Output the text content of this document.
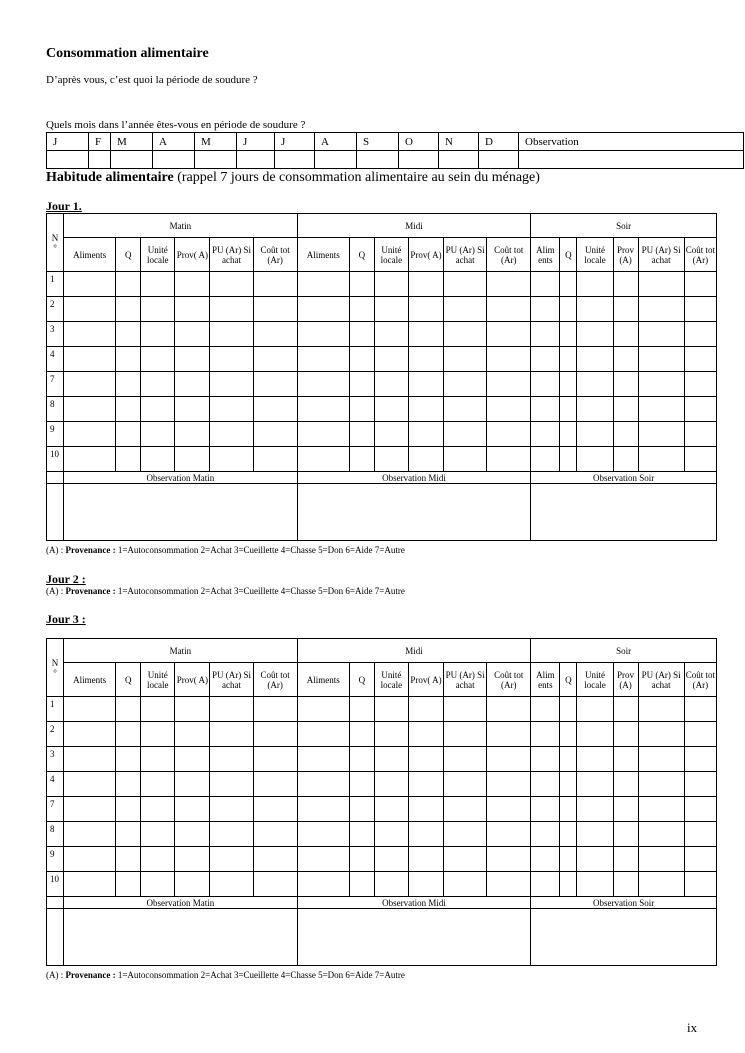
Consommation alimentaire
D’après vous, c’est quoi la période de soudure ?
Quels mois dans l’année êtes-vous en période de soudure ?
J	F	M	A	M	J	J	A	S	O	N	D	Observation

Habitude alimentaire (rappel 7 jours de consommation alimentaire au sein du ménage)
Jour 1.
N
°	Matin						Midi						Soir					
	Aliments	Q	Unité locale	Prov( A)	PU (Ar) Si achat	Coût tot (Ar)	Aliments	Q	Unité locale	Prov( A)	PU (Ar) Si achat	Coût tot (Ar)	Alim ents	Q	Unité locale	Prov (A)	PU (Ar) Si achat	Coût tot (Ar)
1																		
2																		
3																		
4																		
7																		
8																		
9																		
10																		
	Observation Matin						Observation Midi						Observation Soir					

(A) : Provenance : 1=Autoconsommation 2=Achat 3=Cueillette 4=Chasse 5=Don 6=Aide 7=Autre
Jour 2 :
(A) : Provenance : 1=Autoconsommation 2=Achat 3=Cueillette 4=Chasse 5=Don 6=Aide 7=Autre
Jour 3 :
N
°	Matin						Midi						Soir					
	Aliments	Q	Unité locale	Prov( A)	PU (Ar) Si achat	Coût tot (Ar)	Aliments	Q	Unité locale	Prov( A)	PU (Ar) Si achat	Coût tot (Ar)	Alim ents	Q	Unité locale	Prov (A)	PU (Ar) Si achat	Coût tot (Ar)
1																		
2																		
3																		
4																		
7																		
8																		
9																		
10																		
	Observation Matin						Observation Midi						Observation Soir					

(A) : Provenance : 1=Autoconsommation 2=Achat 3=Cueillette 4=Chasse 5=Don 6=Aide 7=Autre
ix
